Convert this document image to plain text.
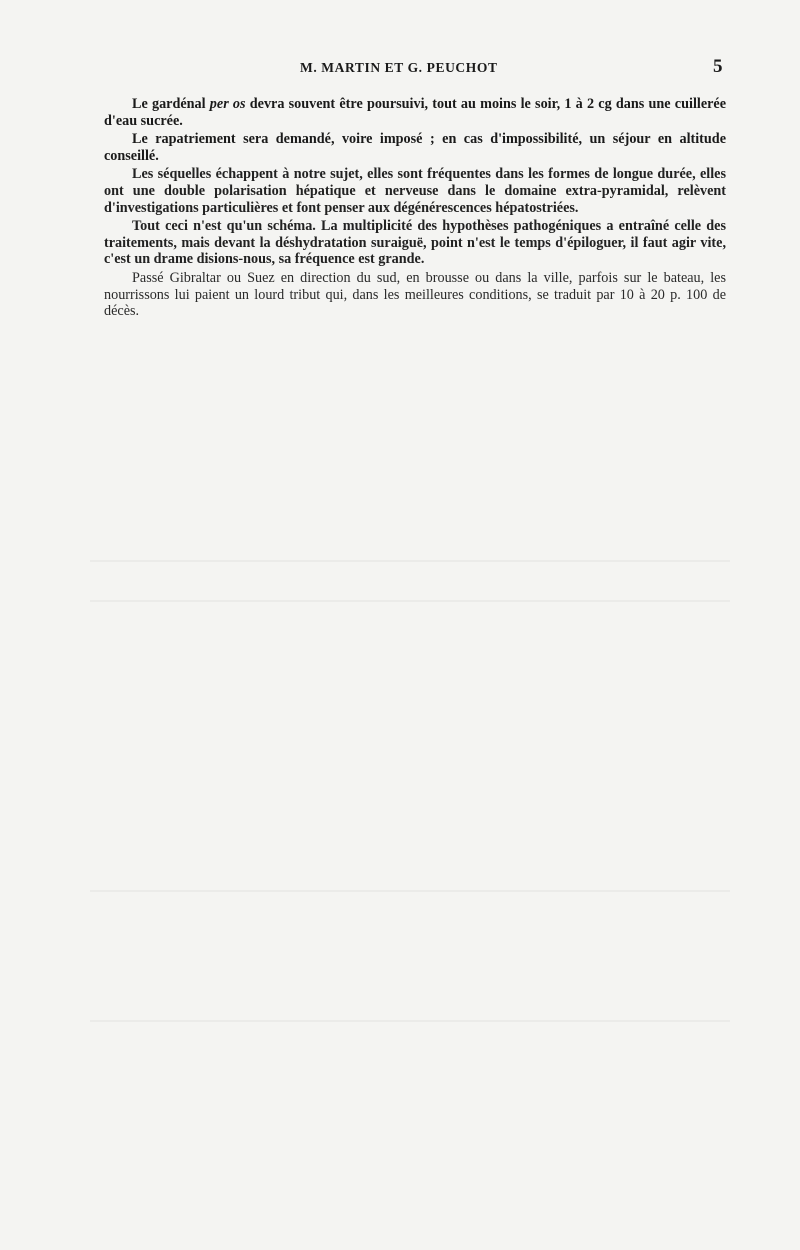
M. MARTIN ET G. PEUCHOT	5

Le gardénal per os devra souvent être poursuivi, tout au moins le soir, 1 à 2 cg dans une cuillerée d'eau sucrée.

Le rapatriement sera demandé, voire imposé ; en cas d'impossibilité, un séjour en altitude conseillé.

Les séquelles échappent à notre sujet, elles sont fréquentes dans les formes de longue durée, elles ont une double polarisation hépatique et nerveuse dans le domaine extra-pyramidal, relèvent d'investigations particulières et font penser aux dégénérescences hépatostriées.

Tout ceci n'est qu'un schéma. La multiplicité des hypothèses pathogéniques a entraîné celle des traitements, mais devant la déshydratation suraiguë, point n'est le temps d'épiloguer, il faut agir vite, c'est un drame disions-nous, sa fréquence est grande.

Passé Gibraltar ou Suez en direction du sud, en brousse ou dans la ville, parfois sur le bateau, les nourrissons lui paient un lourd tribut qui, dans les meilleures conditions, se traduit par 10 à 20 p. 100 de décès.
